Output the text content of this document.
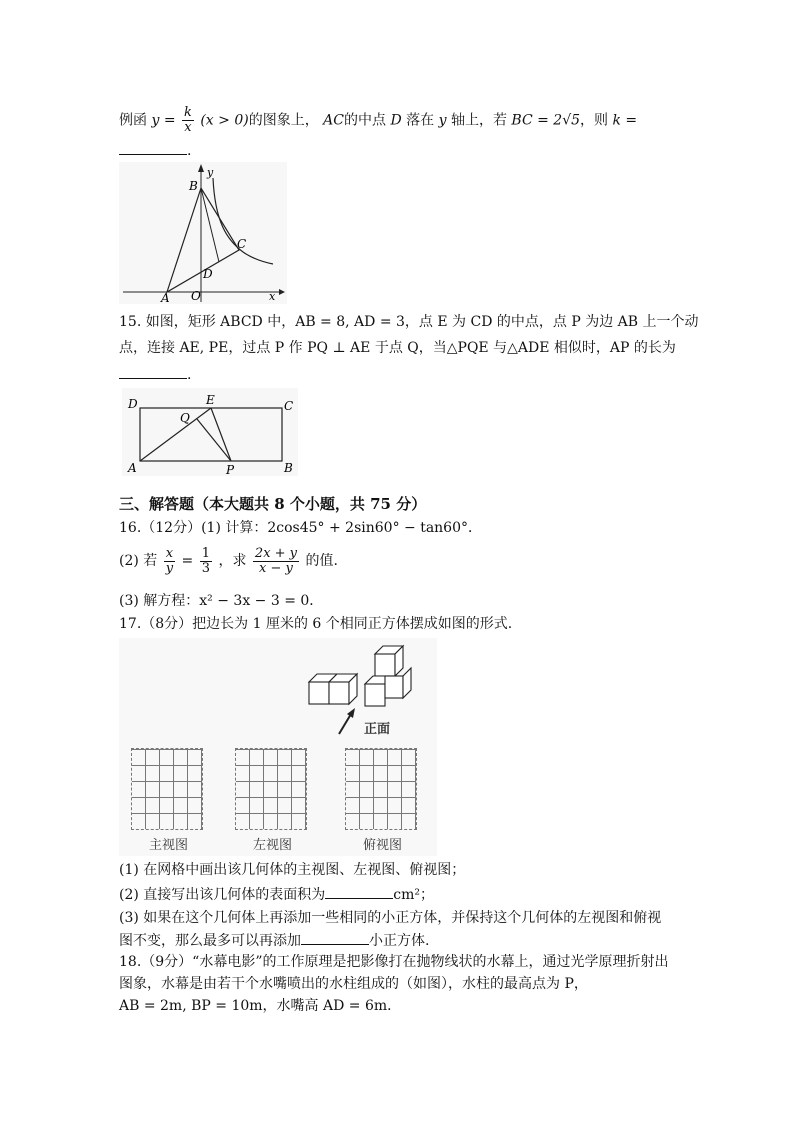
例函 $y = \frac{k}{x} (x > 0)$的图象上， AC的中点 D 落在 y 轴上，若 BC = 2√5，则 k =
.
y
B
C
D
A O	x
15. 如图，矩形 ABCD 中，AB = 8, AD = 3，点 E 为 CD 的中点，点 P 为边 AB 上一个动
点，连接 AE, PE，过点 P 作 PQ ⊥ AE 于点 Q，当△PQE 与△ADE 相似时，AP 的长为
.
D	E	C
Q
A	P	B
三、解答题（本大题共 8 个小题，共 75 分）
16.（12分）(1) 计算：2cos45° + 2sin60° − tan60°．
(2) 若 $\frac{x}{y} = \frac{1}{3}$ ，求 $\frac{2x + y}{x - y}$ 的值.
(3) 解方程：x² − 3x − 3 = 0．
17.（8分）把边长为 1 厘米的 6 个相同正方体摆成如图的形式.
正面
主视图	左视图	俯视图
(1) 在网格中画出该几何体的主视图、左视图、俯视图；
(2) 直接写出该几何体的表面积为	cm²；
(3) 如果在这个几何体上再添加一些相同的小正方体，并保持这个几何体的左视图和俯视
图不变，那么最多可以再添加	小正方体.
18.（9分）“水幕电影”的工作原理是把影像打在抛物线状的水幕上，通过光学原理折射出
图象，水幕是由若干个水嘴喷出的水柱组成的（如图），水柱的最高点为 P，
AB = 2m, BP = 10m，水嘴高 AD = 6m．
